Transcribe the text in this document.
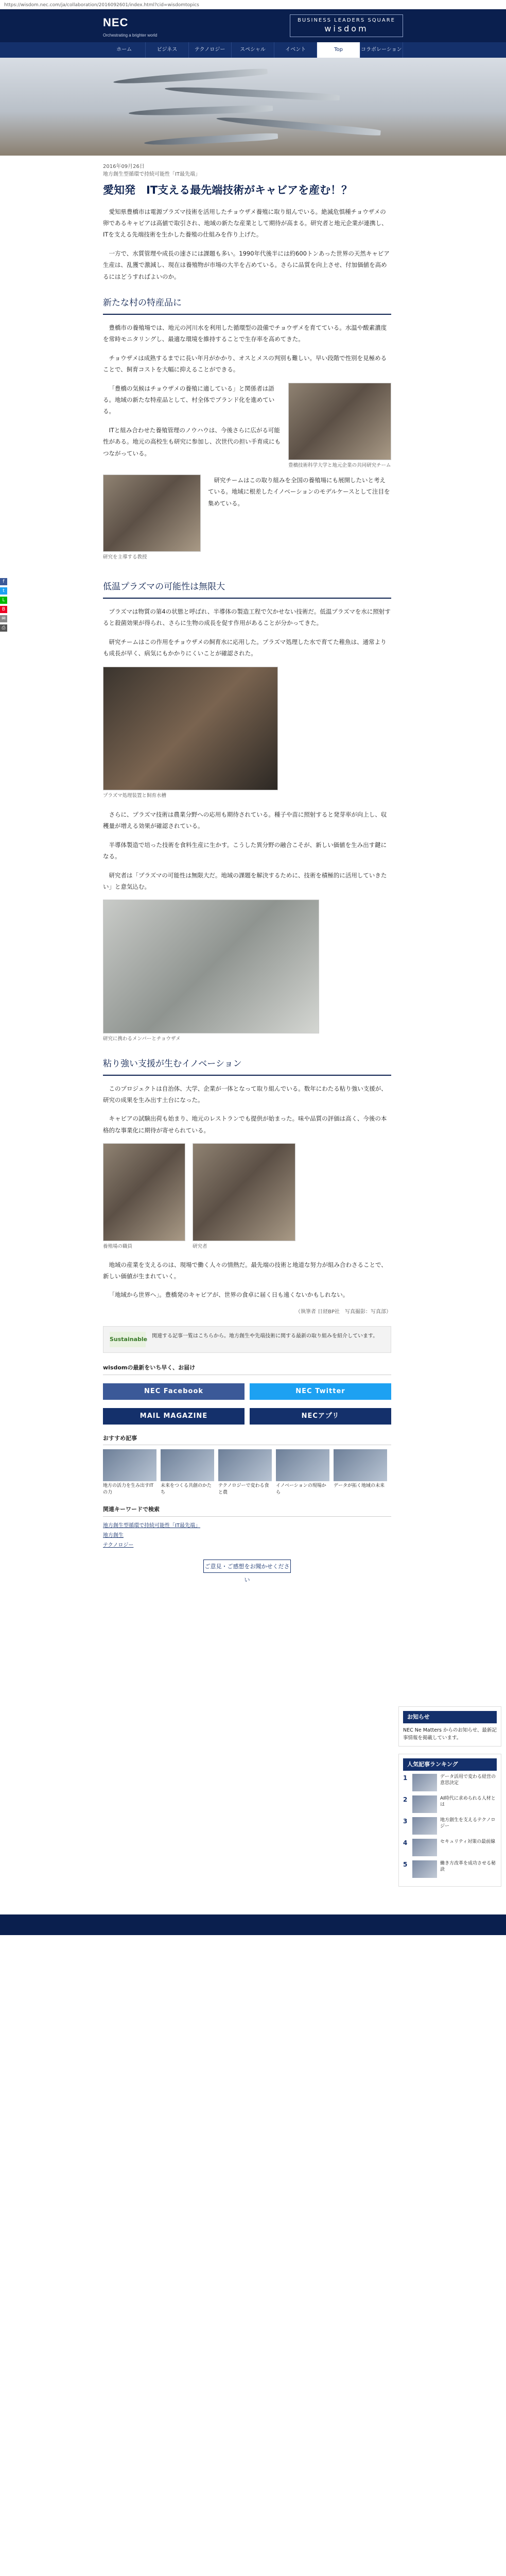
https://wisdom.nec.com/ja/collaboration/2016092601/index.html?cid=wisdomtopics
NEC
Orchestrating a brighter world
BUSINESS LEADERS SQUARE
wisdom
ホーム	ビジネス	テクノロジー	スペシャル	イベント	Top	コラボレーション
f
t
L
B
✉
⎙
2016年09月26日
地方創生型循環で持続可能性「IT最先端」
愛知発　IT支える最先端技術がキャビアを産む！？

愛知県豊橋市は電源プラズマ技術を活用したチョウザメ養殖に取り組んでいる。絶滅危惧種チョウザメの卵であるキャビアは高値で取引され、地域の新たな産業として期待が高まる。研究者と地元企業が連携し、ITを支える先端技術を生かした養殖の仕組みを作り上げた。

一方で、水質管理や成長の速さには課題も多い。1990年代後半には約600トンあった世界の天然キャビア生産は、乱獲で激減し、現在は養殖物が市場の大半を占めている。さらに品質を向上させ、付加価値を高めるにはどうすればよいのか。

新たな村の特産品に

豊橋市の養殖場では、地元の河川水を利用した循環型の設備でチョウザメを育てている。水温や酸素濃度を常時モニタリングし、最適な環境を維持することで生存率を高めてきた。

チョウザメは成熟するまでに長い年月がかかり、オスとメスの判別も難しい。早い段階で性別を見極めることで、飼育コストを大幅に抑えることができる。

豊橋技術科学大学と地元企業の共同研究チーム

「豊橋の気候はチョウザメの養殖に適している」と関係者は語る。地域の新たな特産品として、村全体でブランド化を進めている。

ITと組み合わせた養殖管理のノウハウは、今後さらに広がる可能性がある。地元の高校生も研究に参加し、次世代の担い手育成にもつながっている。

研究を主導する教授

研究チームはこの取り組みを全国の養殖場にも展開したいと考えている。地域に根差したイノベーションのモデルケースとして注目を集めている。

低温プラズマの可能性は無限大

プラズマは物質の第4の状態と呼ばれ、半導体の製造工程で欠かせない技術だ。低温プラズマを水に照射すると殺菌効果が得られ、さらに生物の成長を促す作用があることが分かってきた。

研究チームはこの作用をチョウザメの飼育水に応用した。プラズマ処理した水で育てた稚魚は、通常よりも成長が早く、病気にもかかりにくいことが確認された。

プラズマ処理装置と飼育水槽

さらに、プラズマ技術は農業分野への応用も期待されている。種子や苗に照射すると発芽率が向上し、収穫量が増える効果が確認されている。

半導体製造で培った技術を食料生産に生かす。こうした異分野の融合こそが、新しい価値を生み出す鍵になる。

研究者は「プラズマの可能性は無限大だ。地域の課題を解決するために、技術を積極的に活用していきたい」と意気込む。

研究に携わるメンバーとチョウザメ
粘り強い支援が生むイノベーション

このプロジェクトは自治体、大学、企業が一体となって取り組んでいる。数年にわたる粘り強い支援が、研究の成果を生み出す土台になった。

キャビアの試験出荷も始まり、地元のレストランでも提供が始まった。味や品質の評価は高く、今後の本格的な事業化に期待が寄せられている。

養殖場の職員	研究者

地域の産業を支えるのは、現場で働く人々の情熱だ。最先端の技術と地道な努力が組み合わさることで、新しい価値が生まれていく。

「地域から世界へ」。豊橋発のキャビアが、世界の食卓に届く日も遠くないかもしれない。

（執筆者 日経BP社　写真撮影：写真部）
Sustainable 関連する記事一覧はこちらから。地方創生や先端技術に関する最新の取り組みを紹介しています。
wisdomの最新をいち早く、お届け
NEC Facebook	NEC Twitter
MAIL MAGAZINE	NECアプリ
おすすめ記事
地方の活力を生み出すITの力
未来をつくる共創のかたち
テクノロジーで変わる食と農
イノベーションの現場から
データが拓く地域の未来
関連キーワードで検索
地方創生型循環で持続可能性「IT最先端」
地方創生
テクノロジー
ご意見・ご感想をお聞かせください
お知らせ
NEC Ne Matters からのお知らせ、最新記事情報を掲載しています。
人気記事ランキング
1	データ活用で変わる経営の意思決定
2	AI時代に求められる人材とは
3	地方創生を支えるテクノロジー
4	セキュリティ対策の最前線
5	働き方改革を成功させる秘訣
